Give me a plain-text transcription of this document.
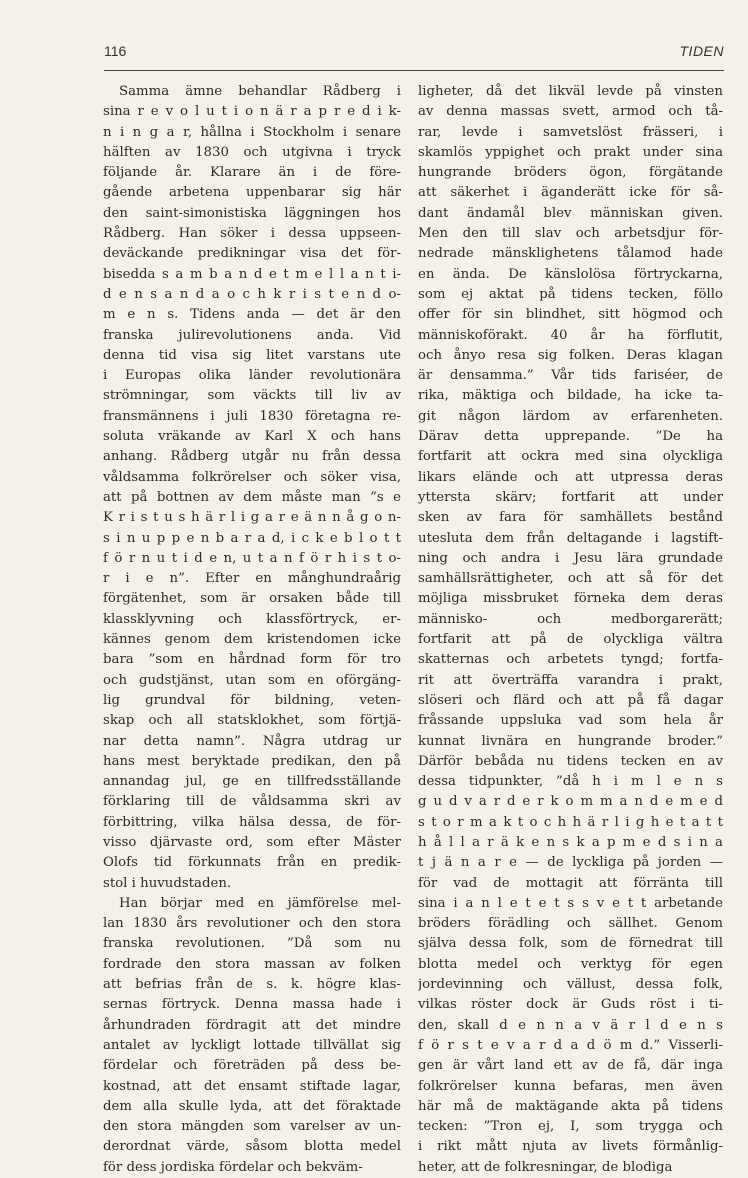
116	TIDEN
Samma ämne behandlar Rådberg i
sina r e v o l u t i o n ä r a p r e d i k-
n i n g a r, hållna i Stockholm i senare
hälften av 1830 och utgivna i tryck
följande år. Klarare än i de före-
gående arbetena uppenbarar sig här
den saint-simonistiska läggningen hos
Rådberg. Han söker i dessa uppseen-
deväckande predikningar visa det för-
bisedda s a m b a n d e t m e l l a n t i-
d e n s a n d a o c h k r i s t e n d o-
m e n s. Tidens anda — det är den
franska julirevolutionens anda. Vid
denna tid visa sig litet varstans ute
i Europas olika länder revolutionära
strömningar, som väckts till liv av
fransmännens i juli 1830 företagna re-
soluta vräkande av Karl X och hans
anhang. Rådberg utgår nu från dessa
våldsamma folkrörelser och söker visa,
att på bottnen av dem måste man ”s e
K r i s t u s h ä r l i g a r e ä n n å g o n-
s i n u p p e n b a r a d, i c k e b l o t t
f ö r n u t i d e n, u t a n f ö r h i s t o-
r i e n”. Efter en månghundraårig
förgätenhet, som är orsaken både till
klassklyvning och klassförtryck, er-
kännes genom dem kristendomen icke
bara ”som en hårdnad form för tro
och gudstjänst, utan som en oförgäng-
lig grundval för bildning, veten-
skap och all statsklokhet, som förtjä-
nar detta namn”. Några utdrag ur
hans mest beryktade predikan, den på
annandag jul, ge en tillfredsställande
förklaring till de våldsamma skri av
förbittring, vilka hälsa dessa, de för-
visso djärvaste ord, som efter Mäster
Olofs tid förkunnats från en predik-
stol i huvudstaden.
Han börjar med en jämförelse mel-
lan 1830 års revolutioner och den stora
franska revolutionen. ”Då som nu
fordrade den stora massan av folken
att befrias från de s. k. högre klas-
sernas förtryck. Denna massa hade i
århundraden fördragit att det mindre
antalet av lyckligt lottade tillvällat sig
fördelar och företräden på dess be-
kostnad, att det ensamt stiftade lagar,
dem alla skulle lyda, att det föraktade
den stora mängden som varelser av un-
derordnat värde, såsom blotta medel
för dess jordiska fördelar och bekväm-
ligheter, då det likväl levde på vinsten
av denna massas svett, armod och tå-
rar, levde i samvetslöst frässeri, i
skamlös yppighet och prakt under sina
hungrande bröders ögon, förgätande
att säkerhet i äganderätt icke för så-
dant ändamål blev människan given.
Men den till slav och arbetsdjur för-
nedrade mänsklighetens tålamod hade
en ända. De känslolösa förtryckarna,
som ej aktat på tidens tecken, föllo
offer för sin blindhet, sitt högmod och
människoförakt. 40 år ha förflutit,
och ånyo resa sig folken. Deras klagan
är densamma.” Vår tids fariséer, de
rika, mäktiga och bildade, ha icke ta-
git någon lärdom av erfarenheten.
Därav detta upprepande. ”De ha
fortfarit att ockra med sina olyckliga
likars elände och att utpressa deras
yttersta skärv; fortfarit att under
sken av fara för samhällets bestånd
utesluta dem från deltagande i lagstift-
ning och andra i Jesu lära grundade
samhällsrättigheter, och att så för det
möjliga missbruket förneka dem deras
människo- och medborgarerätt;
fortfarit att på de olyckliga vältra
skatternas och arbetets tyngd; fortfa-
rit att överträffa varandra i prakt,
slöseri och flärd och att på få dagar
fråssande uppsluka vad som hela år
kunnat livnära en hungrande broder.”
Därför bebåda nu tidens tecken en av
dessa tidpunkter, ”då h i m l e n s
g u d v a r d e r k o m m a n d e m e d
s t o r m a k t o c h h ä r l i g h e t a t t
h å l l a r ä k e n s k a p m e d s i n a
t j ä n a r e — de lyckliga på jorden —
för vad de mottagit att förränta till
sina i a n l e t e t s s v e t t arbetande
bröders förädling och sällhet. Genom
själva dessa folk, som de förnedrat till
blotta medel och verktyg för egen
jordevinning och vällust, dessa folk,
vilkas röster dock är Guds röst i ti-
den, skall d e n n a v ä r l d e n s
f ö r s t e v a r d a d ö m d.” Visserli-
gen är vårt land ett av de få, där inga
folkrörelser kunna befaras, men även
här må de maktägande akta på tidens
tecken: ”Tron ej, I, som trygga och
i rikt mått njuta av livets förmånlig-
heter, att de folkresningar, de blodiga
